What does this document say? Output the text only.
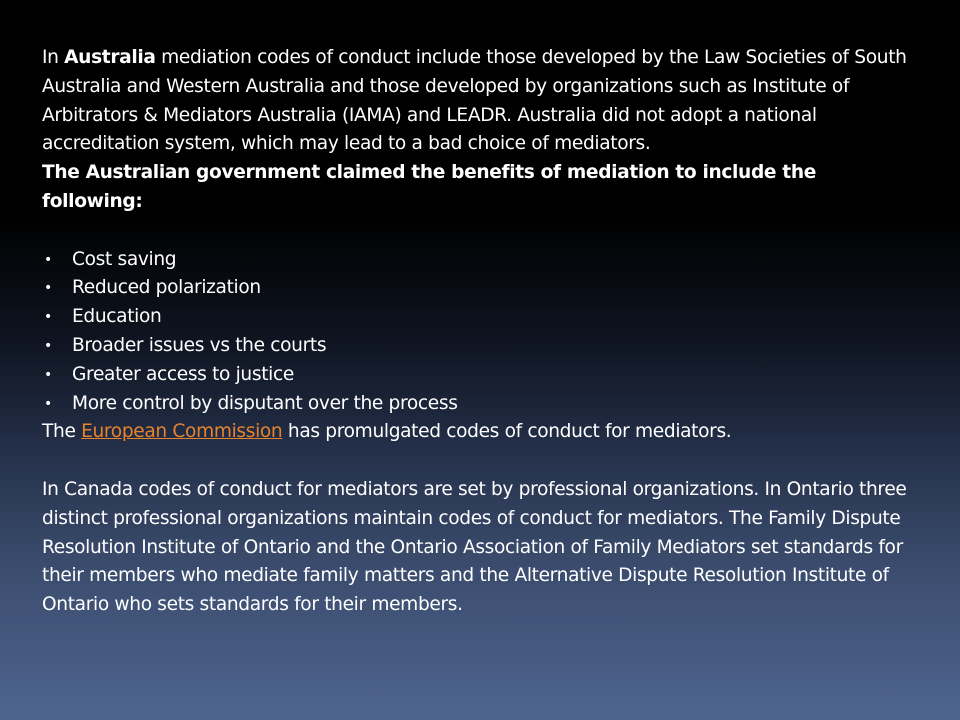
In Australia mediation codes of conduct include those developed by the Law Societies of South Australia and Western Australia and those developed by organizations such as Institute of Arbitrators & Mediators Australia (IAMA) and LEADR. Australia did not adopt a national accreditation system, which may lead to a bad choice of mediators.

The Australian government claimed the benefits of mediation to include the following:

• Cost saving
• Reduced polarization
• Education
• Broader issues vs the courts
• Greater access to justice
• More control by disputant over the process

The European Commission has promulgated codes of conduct for mediators.

In Canada codes of conduct for mediators are set by professional organizations. In Ontario three distinct professional organizations maintain codes of conduct for mediators. The Family Dispute Resolution Institute of Ontario and the Ontario Association of Family Mediators set standards for their members who mediate family matters and the Alternative Dispute Resolution Institute of Ontario who sets standards for their members.
